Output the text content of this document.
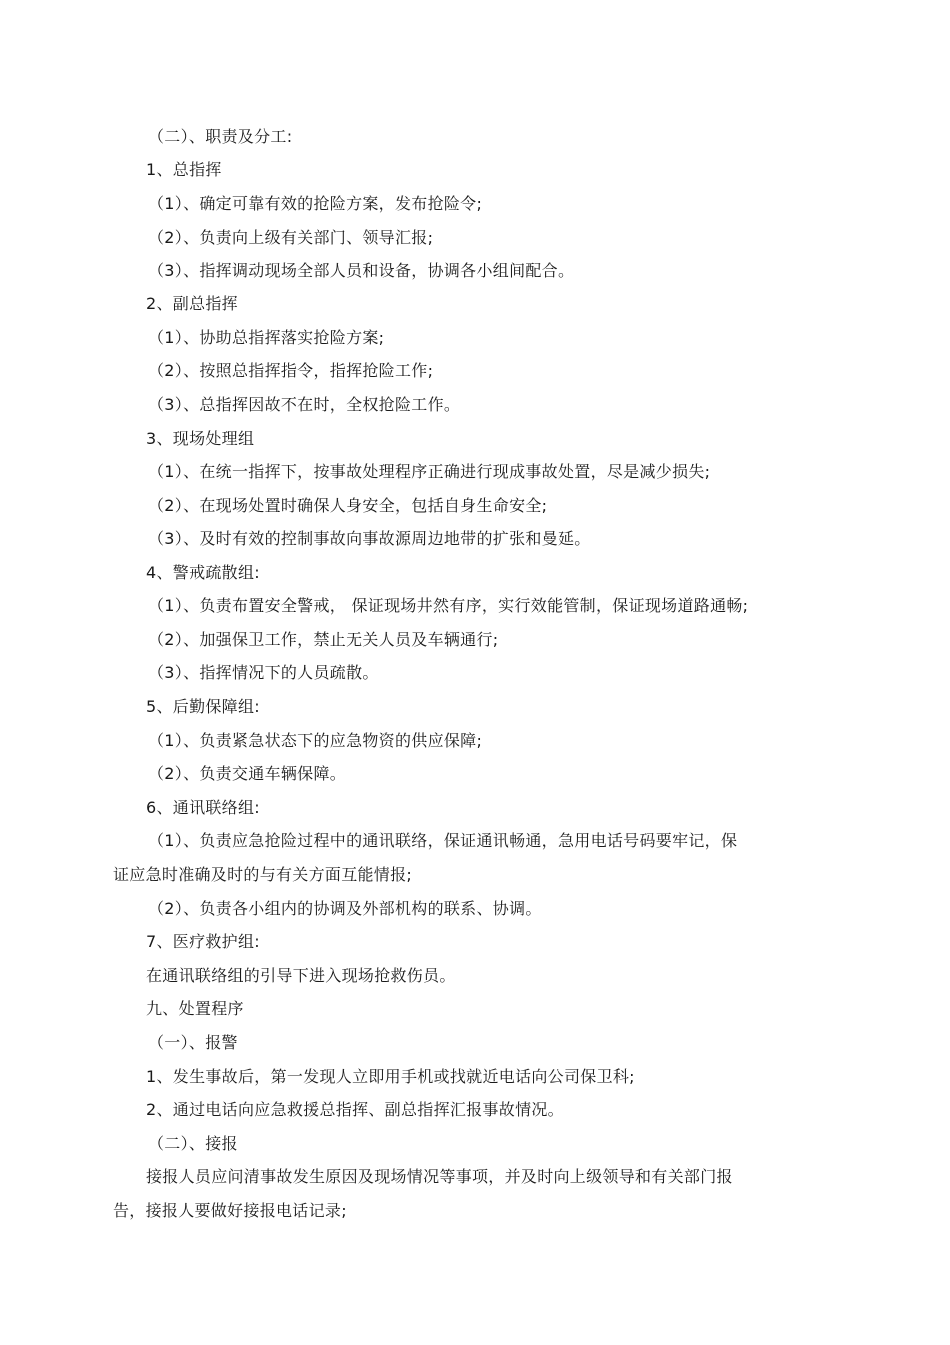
（二）、职责及分工:
1、总指挥
（1）、确定可靠有效的抢险方案，发布抢险令;
（2）、负责向上级有关部门、领导汇报;
（3）、指挥调动现场全部人员和设备，协调各小组间配合。
2、副总指挥
（1）、协助总指挥落实抢险方案;
（2）、按照总指挥指令，指挥抢险工作;
（3）、总指挥因故不在时，全权抢险工作。
3、现场处理组
（1）、在统一指挥下，按事故处理程序正确进行现成事故处置，尽是减少损失;
（2）、在现场处置时确保人身安全，包括自身生命安全;
（3）、及时有效的控制事故向事故源周边地带的扩张和曼延。
4、警戒疏散组:
（1）、负责布置安全警戒， 保证现场井然有序，实行效能管制，保证现场道路通畅;
（2）、加强保卫工作，禁止无关人员及车辆通行;
（3）、指挥情况下的人员疏散。
5、后勤保障组:
（1）、负责紧急状态下的应急物资的供应保障;
（2）、负责交通车辆保障。
6、通讯联络组:
（1）、负责应急抢险过程中的通讯联络，保证通讯畅通，急用电话号码要牢记，保
证应急时准确及时的与有关方面互能情报;
（2）、负责各小组内的协调及外部机构的联系、协调。
7、医疗救护组:
在通讯联络组的引导下进入现场抢救伤员。
九、处置程序
（一）、报警
1、发生事故后，第一发现人立即用手机或找就近电话向公司保卫科;
2、通过电话向应急救援总指挥、副总指挥汇报事故情况。
（二）、接报
接报人员应问清事故发生原因及现场情况等事项，并及时向上级领导和有关部门报
告，接报人要做好接报电话记录;
